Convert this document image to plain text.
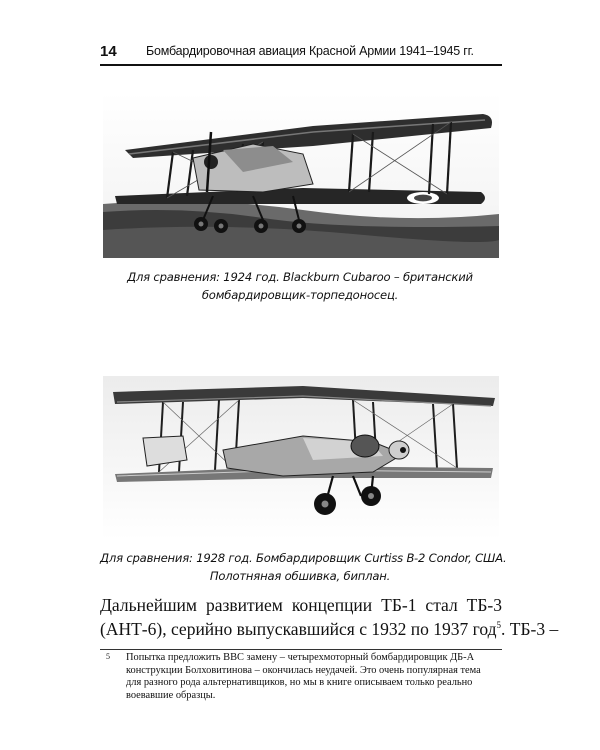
14 Бомбардировочная авиация Красной Армии 1941–1945 гг.
Для сравнения: 1924 год. Blackburn Cubaroo – британский
бомбардировщик-торпедоносец.
Для сравнения: 1928 год. Бомбардировщик Curtiss B-2 Condor, США.
Полотняная обшивка, биплан.
Дальнейшим развитием концепции ТБ-1 стал ТБ-3
(АНТ-6), серийно выпускавшийся с 1932 по 1937 год$^5$. ТБ-3 –
5 Попытка предложить ВВС замену – четырехмоторный бомбардировщик ДБ-А
конструкции Болховитинова – окончилась неудачей. Это очень популярная тема
для разного рода альтернативщиков, но мы в книге описываем только реально
воевавшие образцы.
